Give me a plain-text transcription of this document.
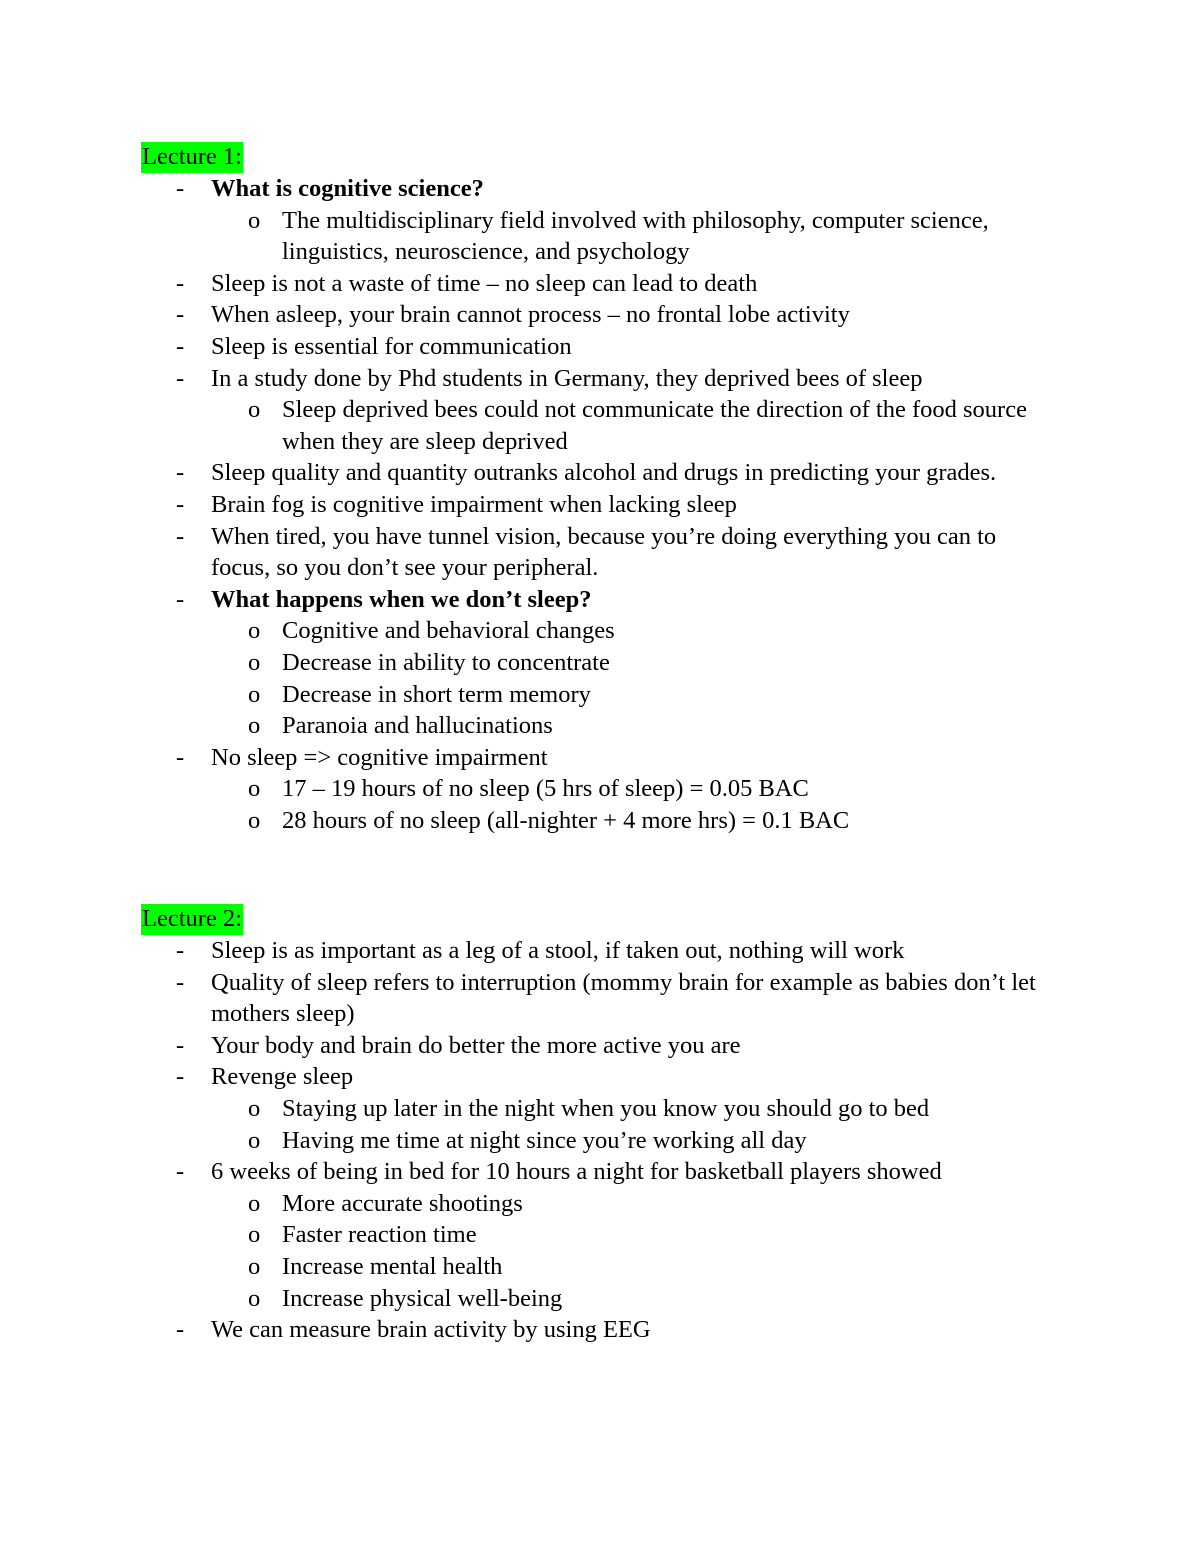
Lecture 1:
- What is cognitive science?
o The multidisciplinary field involved with philosophy, computer science, linguistics, neuroscience, and psychology
- Sleep is not a waste of time – no sleep can lead to death
- When asleep, your brain cannot process – no frontal lobe activity
- Sleep is essential for communication
- In a study done by Phd students in Germany, they deprived bees of sleep
o Sleep deprived bees could not communicate the direction of the food source when they are sleep deprived
- Sleep quality and quantity outranks alcohol and drugs in predicting your grades.
- Brain fog is cognitive impairment when lacking sleep
- When tired, you have tunnel vision, because you’re doing everything you can to focus, so you don’t see your peripheral.
- What happens when we don’t sleep?
o Cognitive and behavioral changes
o Decrease in ability to concentrate
o Decrease in short term memory
o Paranoia and hallucinations
- No sleep => cognitive impairment
o 17 – 19 hours of no sleep (5 hrs of sleep) = 0.05 BAC
o 28 hours of no sleep (all-nighter + 4 more hrs) = 0.1 BAC
Lecture 2:
- Sleep is as important as a leg of a stool, if taken out, nothing will work
- Quality of sleep refers to interruption (mommy brain for example as babies don’t let mothers sleep)
- Your body and brain do better the more active you are
- Revenge sleep
o Staying up later in the night when you know you should go to bed
o Having me time at night since you’re working all day
- 6 weeks of being in bed for 10 hours a night for basketball players showed
o More accurate shootings
o Faster reaction time
o Increase mental health
o Increase physical well-being
- We can measure brain activity by using EEG
